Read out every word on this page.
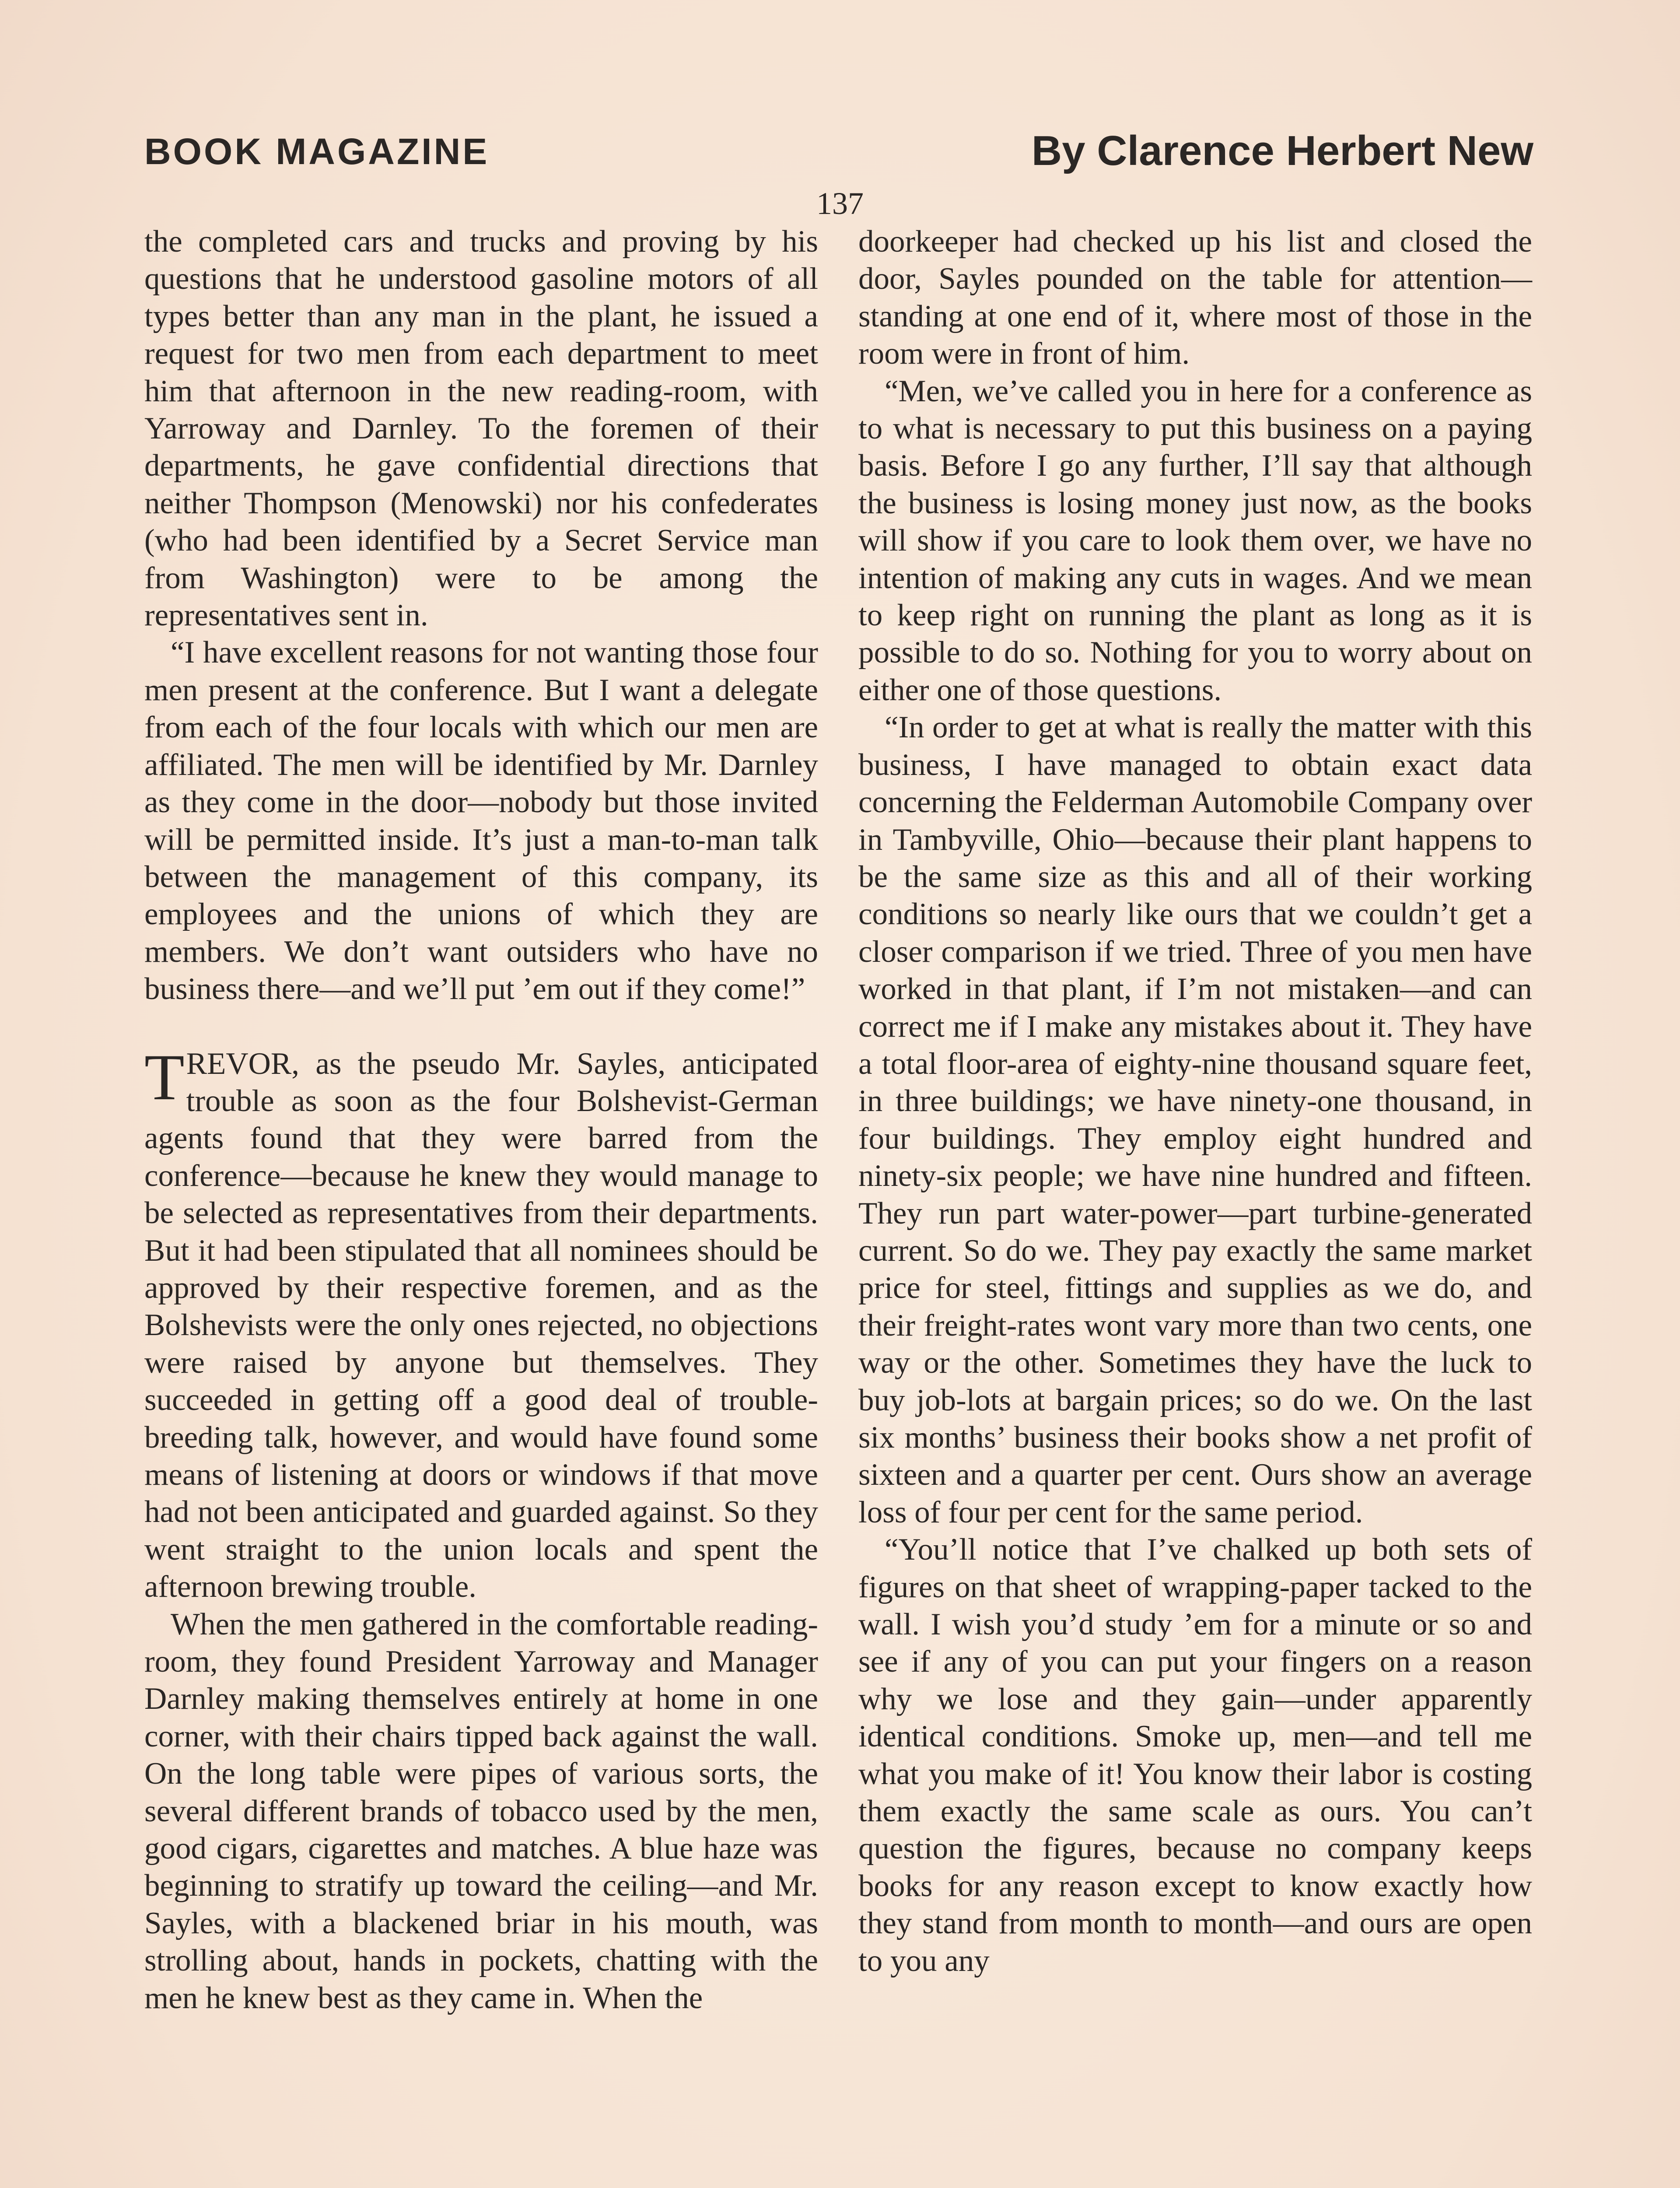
BOOK MAGAZINE	By Clarence Herbert New
137

the completed cars and trucks and proving by his questions that he understood gasoline motors of all types better than any man in the plant, he issued a request for two men from each department to meet him that afternoon in the new reading-room, with Yarroway and Darnley. To the foremen of their departments, he gave confidential directions that neither Thompson (Menowski) nor his confederates (who had been identified by a Secret Service man from Washington) were to be among the representatives sent in.

“I have excellent reasons for not wanting those four men present at the conference. But I want a delegate from each of the four locals with which our men are affiliated. The men will be identified by Mr. Darnley as they come in the door—nobody but those invited will be permitted inside. It’s just a man-to-man talk between the management of this company, its employees and the unions of which they are members. We don’t want outsiders who have no business there—and we’ll put ’em out if they come!”

TREVOR, as the pseudo Mr. Sayles, anticipated trouble as soon as the four Bolshevist-German agents found that they were barred from the conference—because he knew they would manage to be selected as representatives from their departments. But it had been stipulated that all nominees should be approved by their respective foremen, and as the Bolshevists were the only ones rejected, no objections were raised by anyone but themselves. They succeeded in getting off a good deal of trouble-breeding talk, however, and would have found some means of listening at doors or windows if that move had not been anticipated and guarded against. So they went straight to the union locals and spent the afternoon brewing trouble.

When the men gathered in the comfortable reading-room, they found President Yarroway and Manager Darnley making themselves entirely at home in one corner, with their chairs tipped back against the wall. On the long table were pipes of various sorts, the several different brands of tobacco used by the men, good cigars, cigarettes and matches. A blue haze was beginning to stratify up toward the ceiling—and Mr. Sayles, with a blackened briar in his mouth, was strolling about, hands in pockets, chatting with the men he knew best as they came in. When the

doorkeeper had checked up his list and closed the door, Sayles pounded on the table for attention—standing at one end of it, where most of those in the room were in front of him.

“Men, we’ve called you in here for a conference as to what is necessary to put this business on a paying basis. Before I go any further, I’ll say that although the business is losing money just now, as the books will show if you care to look them over, we have no intention of making any cuts in wages. And we mean to keep right on running the plant as long as it is possible to do so. Nothing for you to worry about on either one of those questions.

“In order to get at what is really the matter with this business, I have managed to obtain exact data concerning the Felderman Automobile Company over in Tambyville, Ohio—because their plant happens to be the same size as this and all of their working conditions so nearly like ours that we couldn’t get a closer comparison if we tried. Three of you men have worked in that plant, if I’m not mistaken—and can correct me if I make any mistakes about it. They have a total floor-area of eighty-nine thousand square feet, in three buildings; we have ninety-one thousand, in four buildings. They employ eight hundred and ninety-six people; we have nine hundred and fifteen. They run part water-power—part turbine-generated current. So do we. They pay exactly the same market price for steel, fittings and supplies as we do, and their freight-rates wont vary more than two cents, one way or the other. Sometimes they have the luck to buy job-lots at bargain prices; so do we. On the last six months’ business their books show a net profit of sixteen and a quarter per cent. Ours show an average loss of four per cent for the same period.

“You’ll notice that I’ve chalked up both sets of figures on that sheet of wrapping-paper tacked to the wall. I wish you’d study ’em for a minute or so and see if any of you can put your fingers on a reason why we lose and they gain—under apparently identical conditions. Smoke up, men—and tell me what you make of it! You know their labor is costing them exactly the same scale as ours. You can’t question the figures, because no company keeps books for any reason except to know exactly how they stand from month to month—and ours are open to you any
